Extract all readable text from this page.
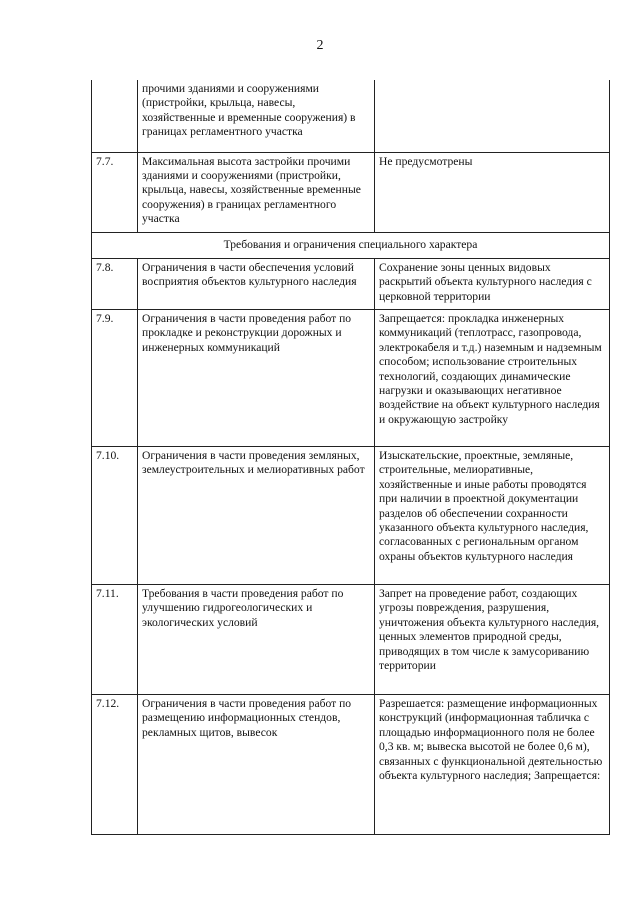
2
	прочими зданиями и сооружениями (пристройки, крыльца, навесы, хозяйственные и временные сооружения) в границах регламентного участка	
7.7.	Максимальная высота застройки прочими зданиями и сооружениями (пристройки, крыльца, навесы, хозяйственные временные сооружения) в границах регламентного участка	Не предусмотрены
Требования и ограничения специального характера		
7.8.	Ограничения в части обеспечения условий восприятия объектов культурного наследия	Сохранение зоны ценных видовых раскрытий объекта культурного наследия с церковной территории
7.9.	Ограничения в части проведения работ по прокладке и реконструкции дорожных и инженерных коммуникаций	Запрещается: прокладка инженерных коммуникаций (теплотрасс, газопровода, электрокабеля и т.д.) наземным и надземным способом; использование строительных технологий, создающих динамические нагрузки и оказывающих негативное воздействие на объект культурного наследия и окружающую застройку
7.10.	Ограничения в части проведения земляных, землеустроительных и мелиоративных работ	Изыскательские, проектные, земляные, строительные, мелиоративные, хозяйственные и иные работы проводятся при наличии в проектной документации разделов об обеспечении сохранности указанного объекта культурного наследия, согласованных с региональным органом охраны объектов культурного наследия
7.11.	Требования в части проведения работ по улучшению гидрогеологических и экологических условий	Запрет на проведение работ, создающих угрозы повреждения, разрушения, уничтожения объекта культурного наследия, ценных элементов природной среды, приводящих в том числе к замусориванию территории
7.12.	Ограничения в части проведения работ по размещению информационных стендов, рекламных щитов, вывесок	Разрешается: размещение информационных конструкций (информационная табличка с площадью информационного поля не более 0,3 кв. м; вывеска высотой не более 0,6 м), связанных с функциональной деятельностью объекта культурного наследия; Запрещается:
